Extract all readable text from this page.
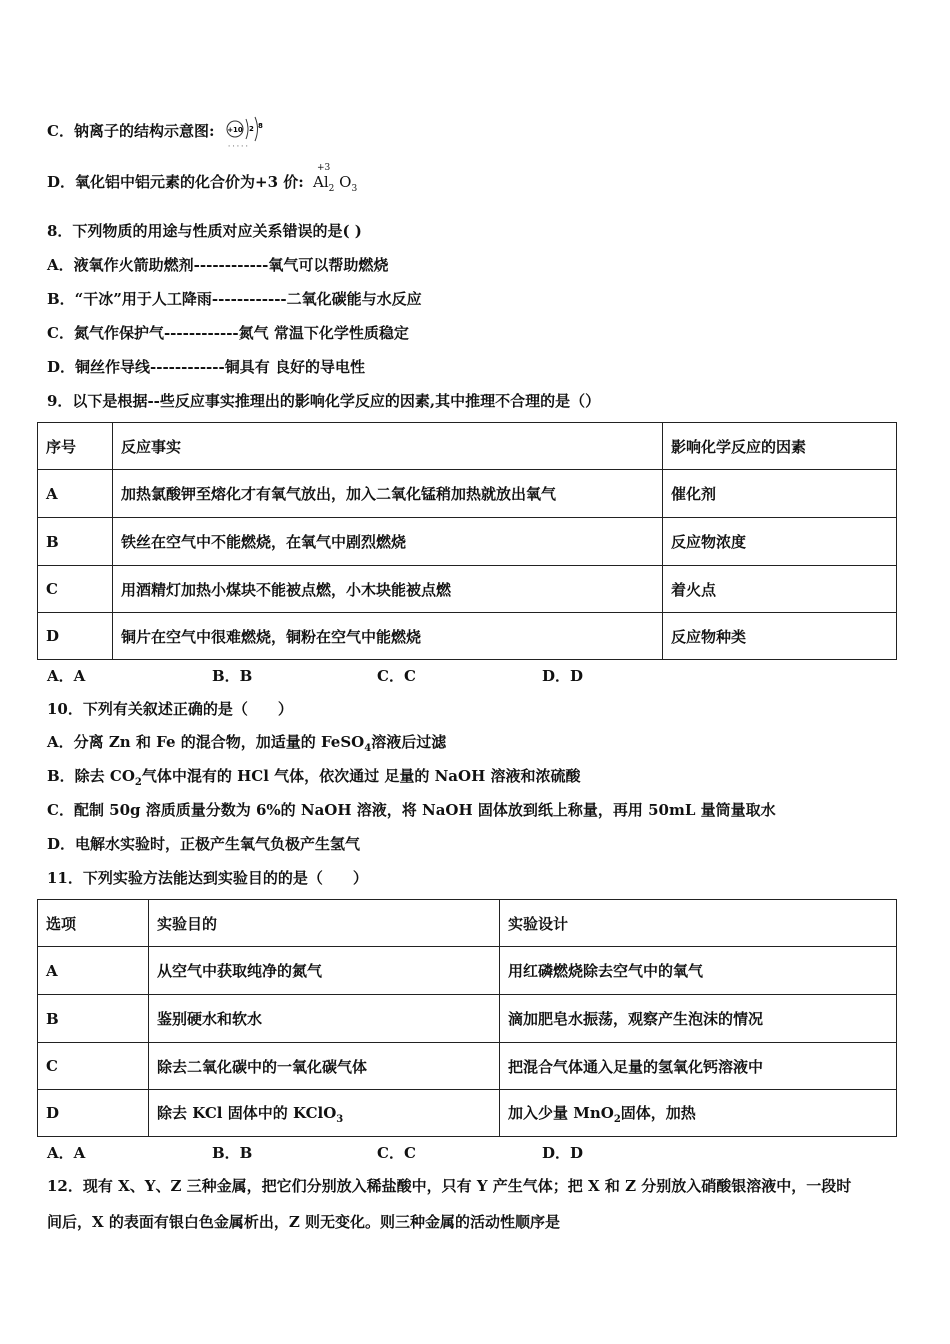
C．钠离子的结构示意图: +10 2 8
· · · · ·
D．氧化铝中铝元素的化合价为+3 价:
+3
$Al_2$ $O_3$
8．下列物质的用途与性质对应关系错误的是( )
A．液氧作火箭助燃剂------------氧气可以帮助燃烧
B．“干冰”用于人工降雨------------二氧化碳能与水反应
C．氮气作保护气------------氮气 常温下化学性质稳定
D．铜丝作导线------------铜具有 良好的导电性
9．以下是根据--些反应事实推理出的影响化学反应的因素,其中推理不合理的是（）
序号	反应事实	影响化学反应的因素
A	加热氯酸钾至熔化才有氧气放出，加入二氧化锰稍加热就放出氧气	催化剂
B	铁丝在空气中不能燃烧，在氧气中剧烈燃烧	反应物浓度
C	用酒精灯加热小煤块不能被点燃，小木块能被点燃	着火点
D	铜片在空气中很难燃烧，铜粉在空气中能燃烧	反应物种类
A．A	B．B	C．C	D．D
10．下列有关叙述正确的是（　　）
A．分离 Zn 和 Fe 的混合物，加适量的 FeSO$_4$溶液后过滤
B．除去 $CO_2$气体中混有的 HCl 气体，依次通过 足量的 NaOH 溶液和浓硫酸
C．配制 50g 溶质质量分数为 6%的 NaOH 溶液，将 NaOH 固体放到纸上称量，再用 50mL 量筒量取水
D．电解水实验时，正极产生氧气负极产生氢气
11．下列实验方法能达到实验目的的是（　　）
选项	实验目的	实验设计
A	从空气中获取纯净的氮气	用红磷燃烧除去空气中的氧气
B	鉴别硬水和软水	滴加肥皂水振荡，观察产生泡沫的情况
C	除去二氧化碳中的一氧化碳气体	把混合气体通入足量的氢氧化钙溶液中
D	除去 KCl 固体中的 KClO$_3$	加入少量 MnO$_2$固体，加热
A．A	B．B	C．C	D．D
12．现有 X、Y、Z 三种金属，把它们分别放入稀盐酸中，只有 Y 产生气体；把 X 和 Z 分别放入硝酸银溶液中，一段时
间后，X 的表面有银白色金属析出，Z 则无变化。则三种金属的活动性顺序是
